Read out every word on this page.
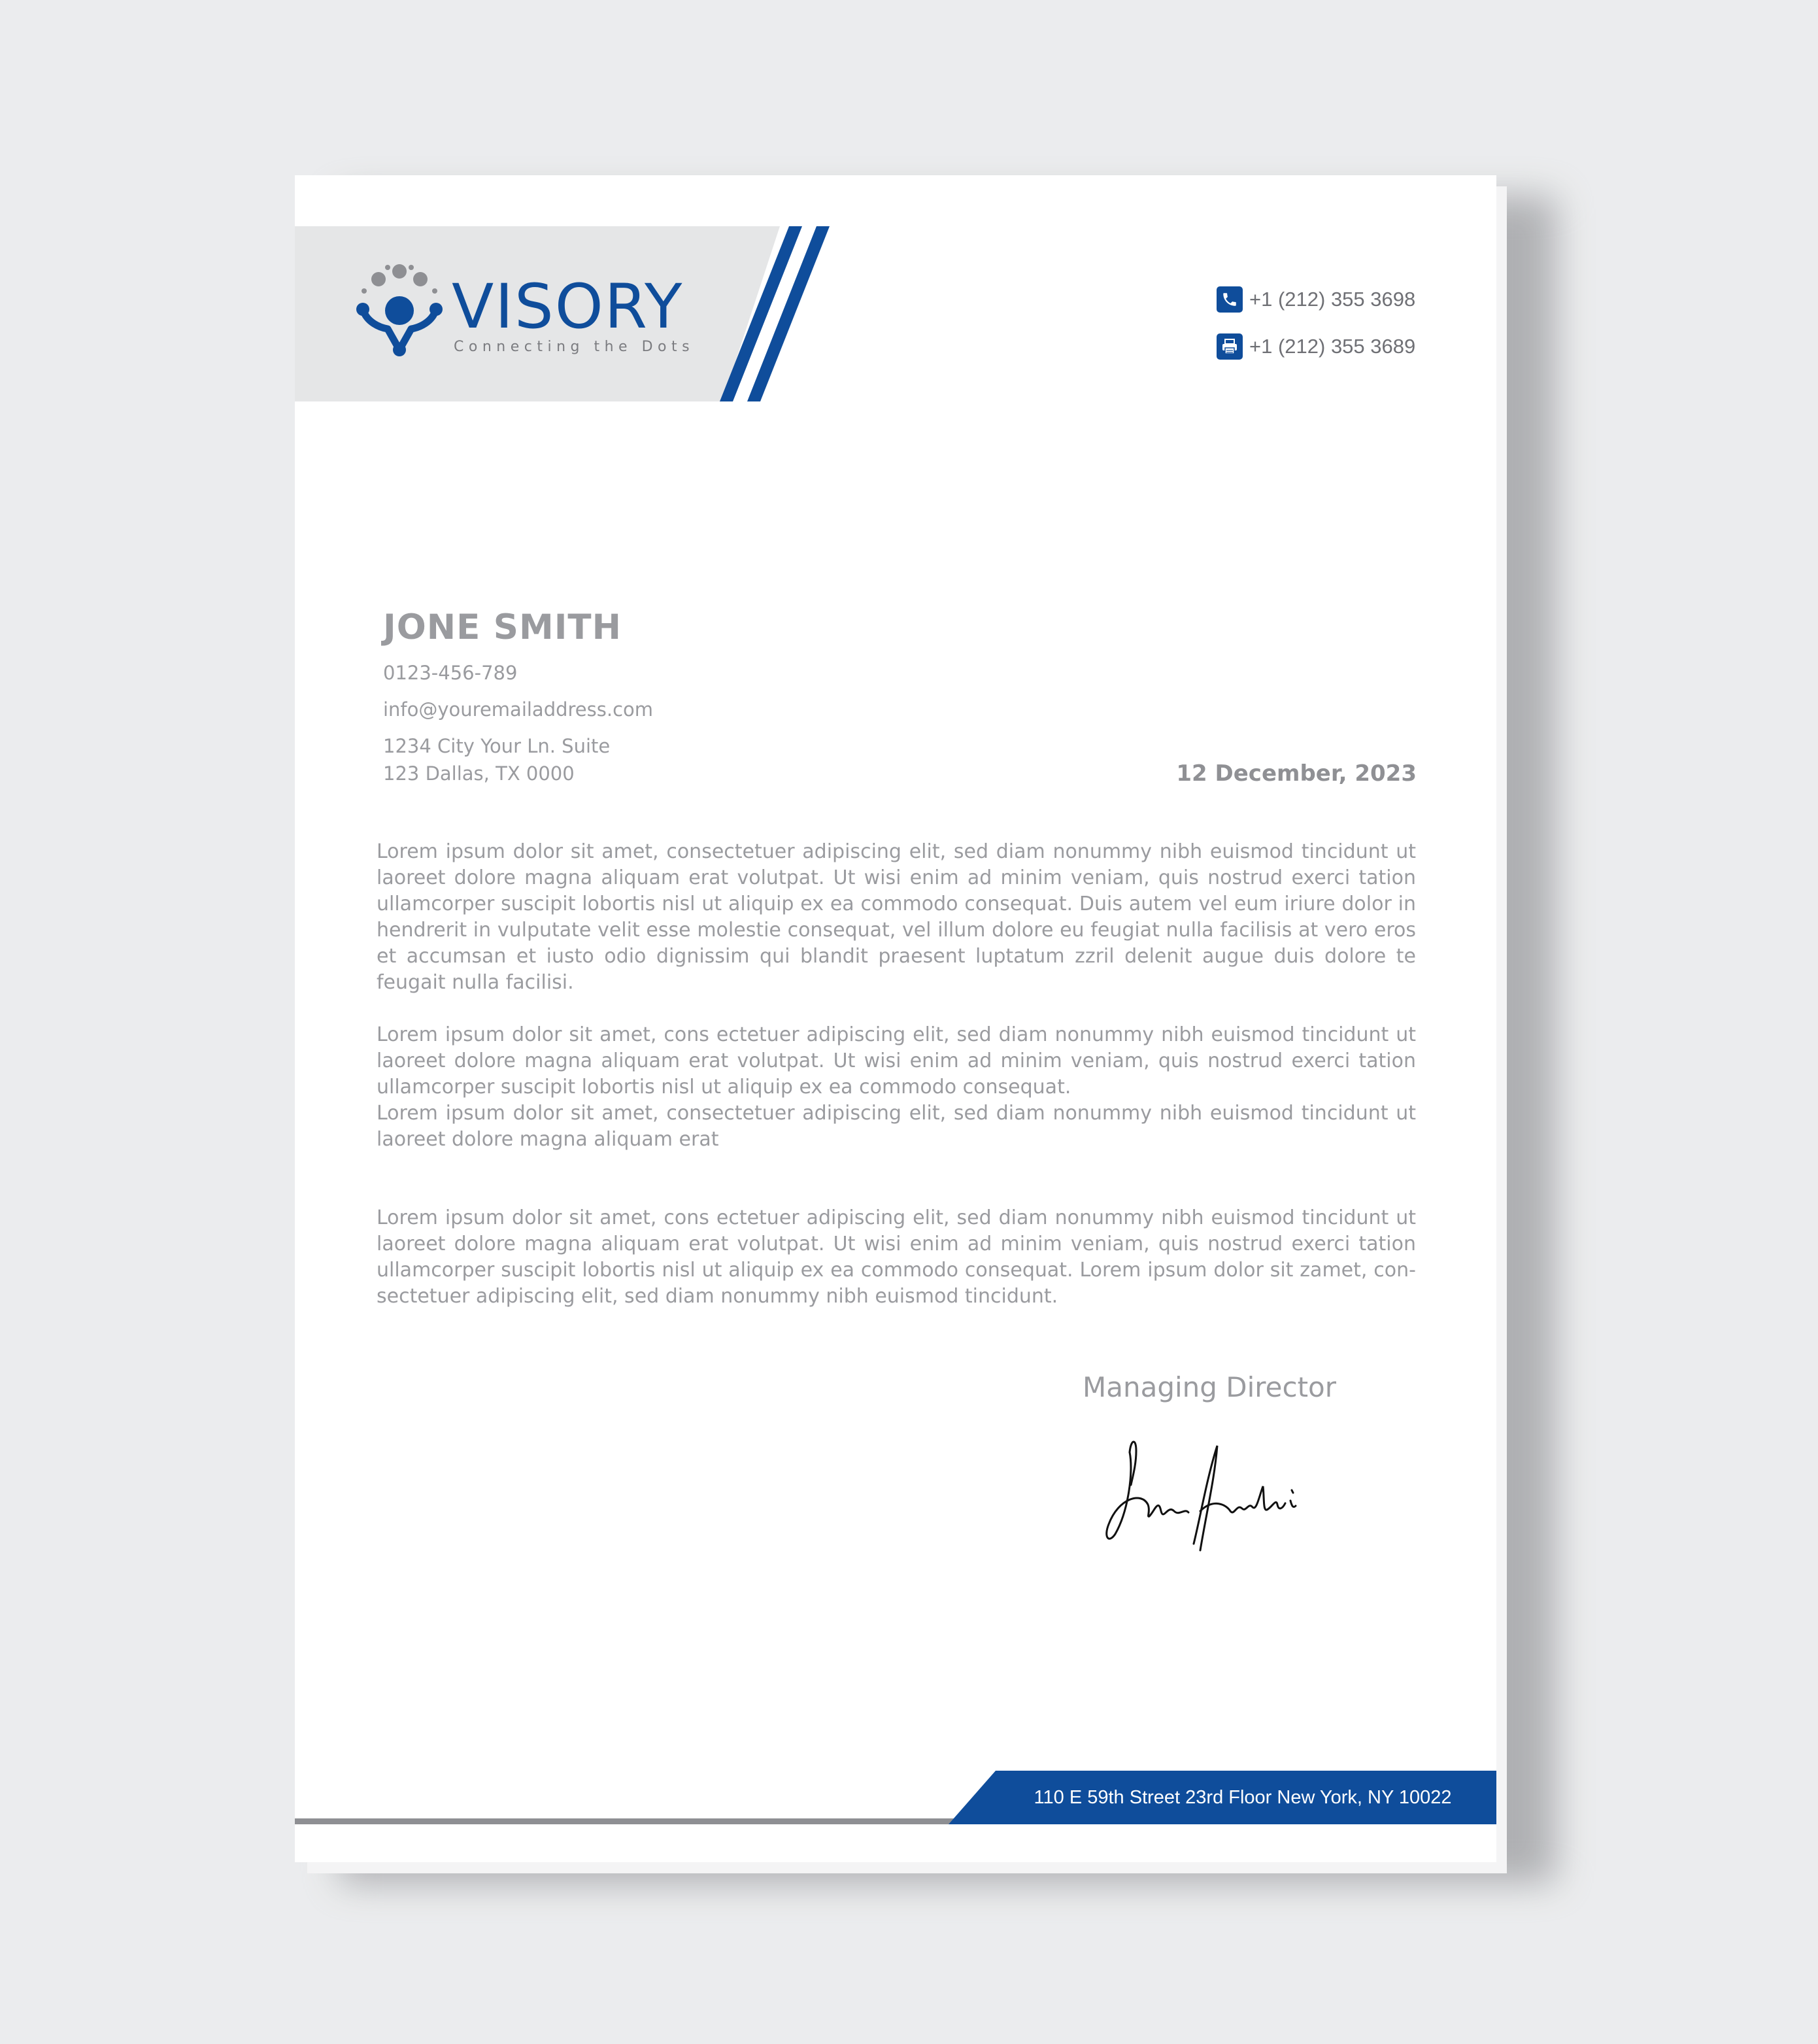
VISORY
Connecting the Dots
+1 (212) 355 3698
+1 (212) 355 3689
JONE SMITH
0123-456-789
info@youremailaddress.com
1234 City Your Ln. Suite
123 Dallas, TX 0000	12 December, 2023

Lorem ipsum dolor sit amet, consectetuer adipiscing elit, sed diam nonummy nibh euismod tincidunt ut laoreet dolore magna aliquam erat volutpat. Ut wisi enim ad minim veniam, quis nostrud exerci tation ullamcorper suscipit lobortis nisl ut aliquip ex ea commodo consequat. Duis autem vel eum iriure dolor in hendrerit in vulputate velit esse molestie consequat, vel illum dolore eu feugiat nulla facilisis at vero eros et accumsan et iusto odio dignissim qui blandit praesent luptatum zzril delenit augue duis dolore te feugait nulla facilisi.

Lorem ipsum dolor sit amet, cons ectetuer adipiscing elit, sed diam nonummy nibh euismod tincidunt ut laoreet dolore magna aliquam erat volutpat. Ut wisi enim ad minim veniam, quis nostrud exerci tation ullamcorper suscipit lobortis nisl ut aliquip ex ea commodo consequat.

Lorem ipsum dolor sit amet, consectetuer adipiscing elit, sed diam nonummy nibh euismod tincidunt ut laoreet dolore magna aliquam erat

Lorem ipsum dolor sit amet, cons ectetuer adipiscing elit, sed diam nonummy nibh euismod tincidunt ut laoreet dolore magna aliquam erat volutpat. Ut wisi enim ad minim veniam, quis nostrud exerci tation ullamcorper suscipit lobortis nisl ut aliquip ex ea commodo consequat. Lorem ipsum dolor sit zamet, con-sectetuer adipiscing elit, sed diam nonummy nibh euismod tincidunt.

Managing Director
110 E 59th Street 23rd Floor New York, NY 10022
